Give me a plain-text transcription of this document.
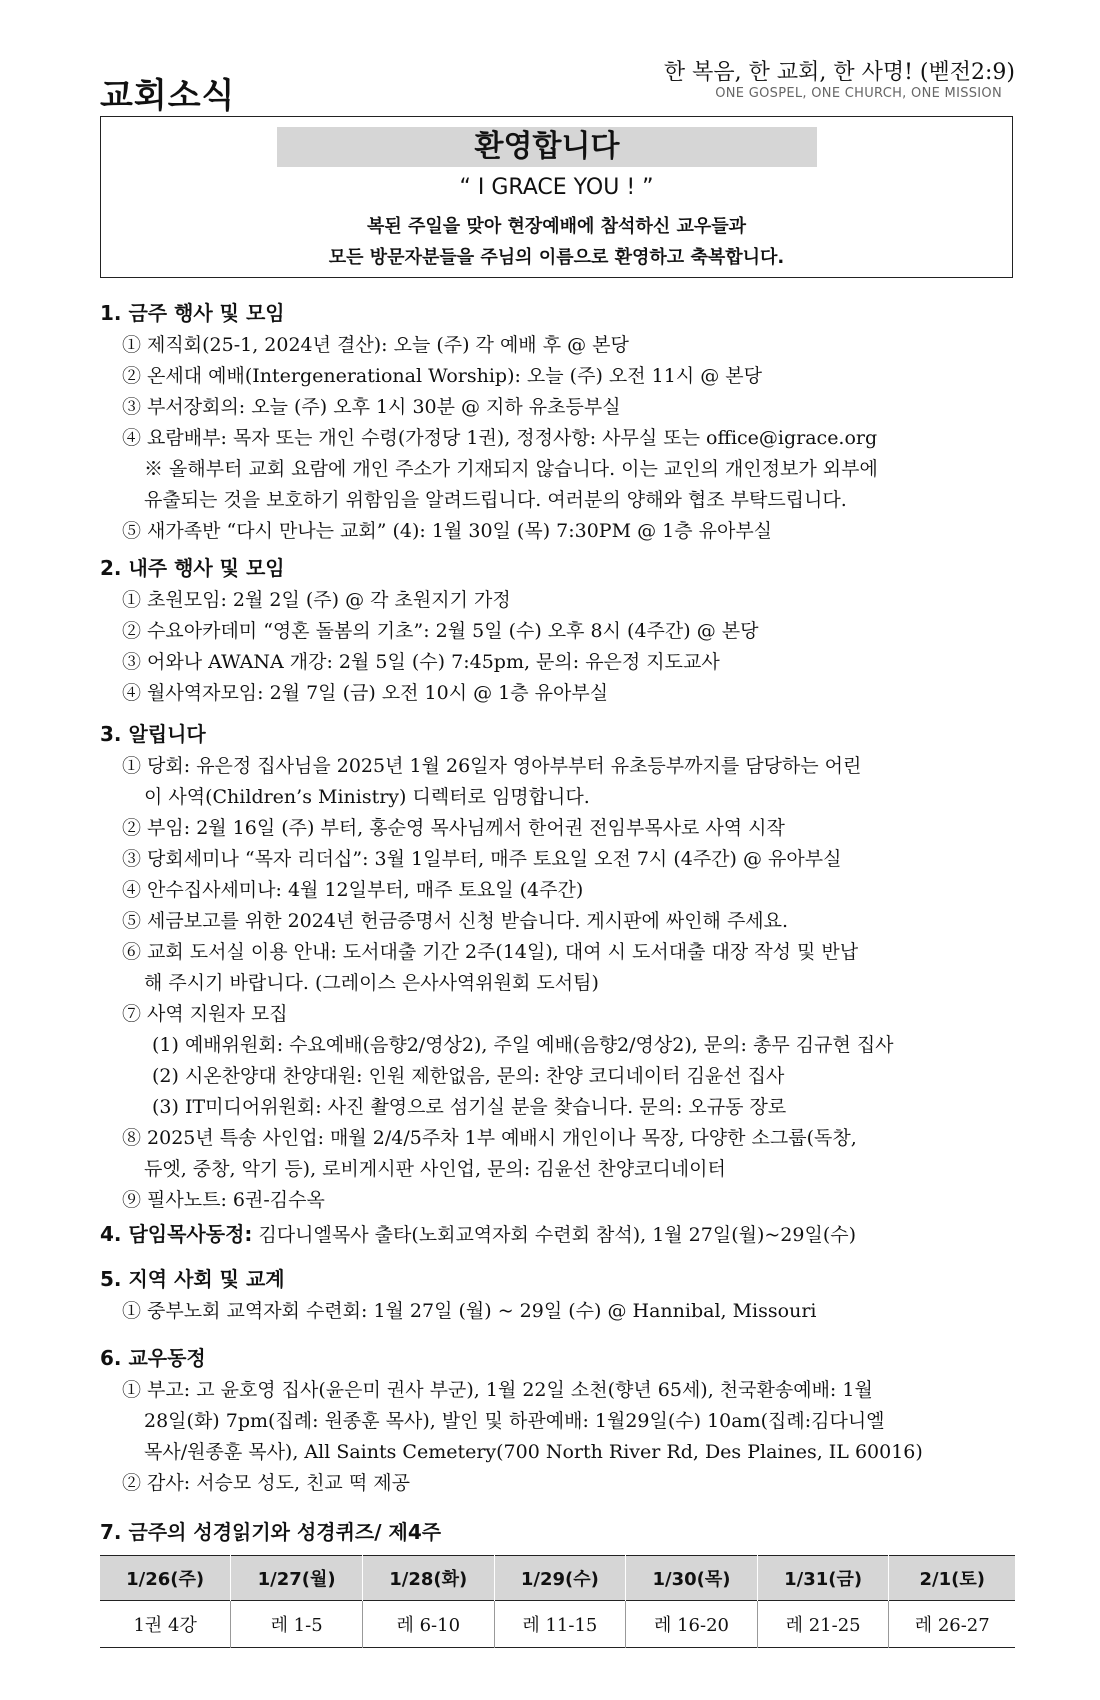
교회소식
한 복음, 한 교회, 한 사명! (벧전2:9)
ONE GOSPEL, ONE CHURCH, ONE MISSION
환영합니다
“ I GRACE YOU ! ”
복된 주일을 맞아 현장예배에 참석하신 교우들과
모든 방문자분들을 주님의 이름으로 환영하고 축복합니다.
1. 금주 행사 및 모임
① 제직회(25-1, 2024년 결산): 오늘 (주) 각 예배 후 @ 본당
② 온세대 예배(Intergenerational Worship): 오늘 (주) 오전 11시 @ 본당
③ 부서장회의: 오늘 (주) 오후 1시 30분 @ 지하 유초등부실
④ 요람배부: 목자 또는 개인 수령(가정당 1권), 정정사항: 사무실 또는 office@igrace.org
※ 올해부터 교회 요람에 개인 주소가 기재되지 않습니다. 이는 교인의 개인정보가 외부에
유출되는 것을 보호하기 위함임을 알려드립니다. 여러분의 양해와 협조 부탁드립니다.
⑤ 새가족반 “다시 만나는 교회” (4): 1월 30일 (목) 7:30PM @ 1층 유아부실
2. 내주 행사 및 모임
① 초원모임: 2월 2일 (주) @ 각 초원지기 가정
② 수요아카데미 “영혼 돌봄의 기초”: 2월 5일 (수) 오후 8시 (4주간) @ 본당
③ 어와나 AWANA 개강: 2월 5일 (수) 7:45pm, 문의: 유은정 지도교사
④ 월사역자모임: 2월 7일 (금) 오전 10시 @ 1층 유아부실
3. 알립니다
① 당회: 유은정 집사님을 2025년 1월 26일자 영아부부터 유초등부까지를 담당하는 어린
이 사역(Children’s Ministry) 디렉터로 임명합니다.
② 부임: 2월 16일 (주) 부터, 홍순영 목사님께서 한어권 전임부목사로 사역 시작
③ 당회세미나 “목자 리더십”: 3월 1일부터, 매주 토요일 오전 7시 (4주간) @ 유아부실
④ 안수집사세미나: 4월 12일부터, 매주 토요일 (4주간)
⑤ 세금보고를 위한 2024년 헌금증명서 신청 받습니다. 게시판에 싸인해 주세요.
⑥ 교회 도서실 이용 안내: 도서대출 기간 2주(14일), 대여 시 도서대출 대장 작성 및 반납
해 주시기 바랍니다. (그레이스 은사사역위원회 도서팀)
⑦ 사역 지원자 모집
(1) 예배위원회: 수요예배(음향2/영상2), 주일 예배(음향2/영상2), 문의: 총무 김규현 집사
(2) 시온찬양대 찬양대원: 인원 제한없음, 문의: 찬양 코디네이터 김윤선 집사
(3) IT미디어위원회: 사진 촬영으로 섬기실 분을 찾습니다. 문의: 오규동 장로
⑧ 2025년 특송 사인업: 매월 2/4/5주차 1부 예배시 개인이나 목장, 다양한 소그룹(독창,
듀엣, 중창, 악기 등), 로비게시판 사인업, 문의: 김윤선 찬양코디네이터
⑨ 필사노트: 6권-김수옥
4. 담임목사동정: 김다니엘목사 출타(노회교역자회 수련회 참석), 1월 27일(월)~29일(수)
5. 지역 사회 및 교계
① 중부노회 교역자회 수련회: 1월 27일 (월) ~ 29일 (수) @ Hannibal, Missouri
6. 교우동정
① 부고: 고 윤호영 집사(윤은미 권사 부군), 1월 22일 소천(향년 65세), 천국환송예배: 1월
28일(화) 7pm(집례: 원종훈 목사), 발인 및 하관예배: 1월29일(수) 10am(집례:김다니엘
목사/원종훈 목사), All Saints Cemetery(700 North River Rd, Des Plaines, IL 60016)
② 감사: 서승모 성도, 친교 떡 제공
7. 금주의 성경읽기와 성경퀴즈/ 제4주
1/26(주)	1/27(월)	1/28(화)	1/29(수)	1/30(목)	1/31(금)	2/1(토)
1권 4강	레 1-5	레 6-10	레 11-15	레 16-20	레 21-25	레 26-27
